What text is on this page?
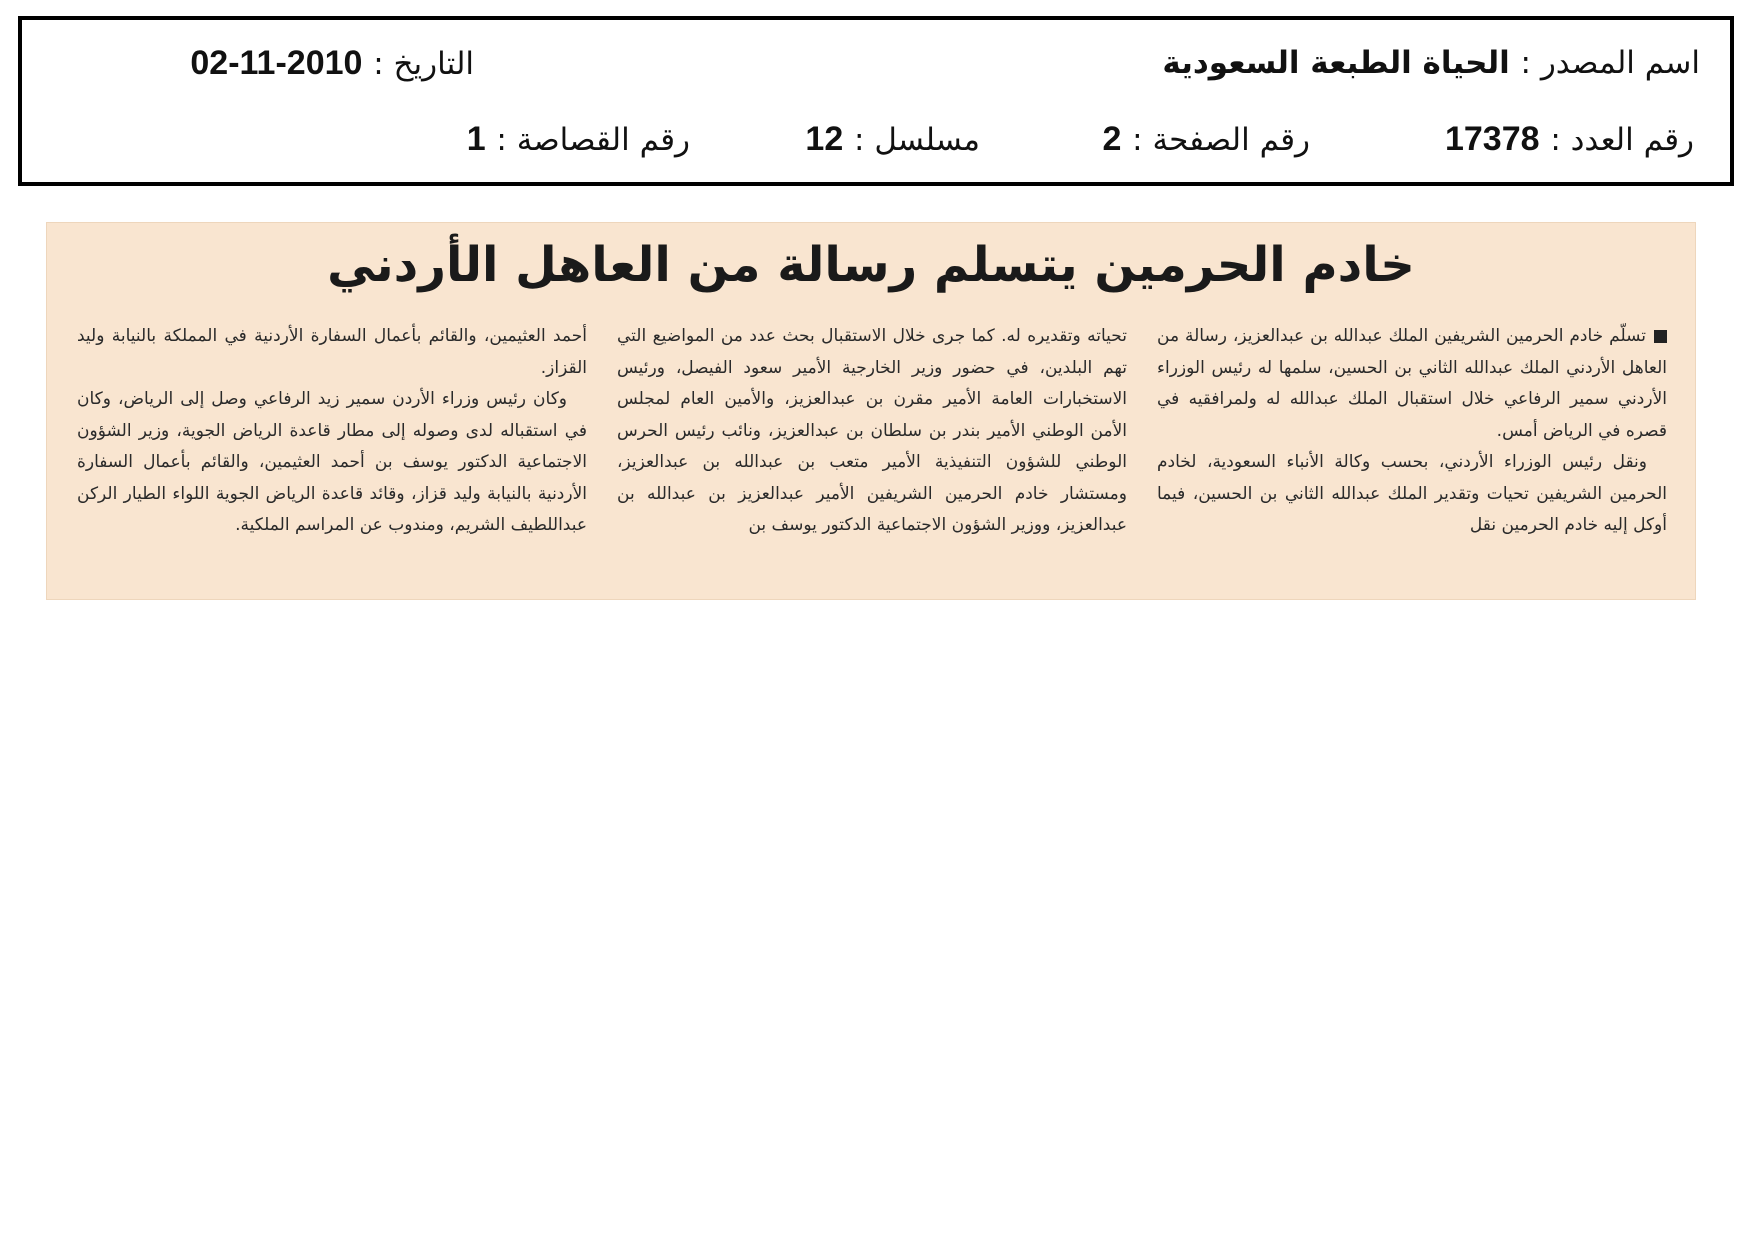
اسم المصدر : الحياة الطبعة السعودية
التاريخ : 2010-11-02
رقم العدد : 17378
رقم الصفحة : 2
مسلسل : 12
رقم القصاصة : 1
خادم الحرمين يتسلم رسالة من العاهل الأردني

تسلّم خادم الحرمين الشريفين الملك عبدالله بن عبدالعزيز، رسالة من العاهل الأردني الملك عبدالله الثاني بن الحسين، سلمها له رئيس الوزراء الأردني سمير الرفاعي خلال استقبال الملك عبدالله له ولمرافقيه في قصره في الرياض أمس.

ونقل رئيس الوزراء الأردني، بحسب وكالة الأنباء السعودية، لخادم الحرمين الشريفين تحيات وتقدير الملك عبدالله الثاني بن الحسين، فيما أوكل إليه خادم الحرمين نقل

تحياته وتقديره له. كما جرى خلال الاستقبال بحث عدد من المواضيع التي تهم البلدين، في حضور وزير الخارجية الأمير سعود الفيصل، ورئيس الاستخبارات العامة الأمير مقرن بن عبدالعزيز، والأمين العام لمجلس الأمن الوطني الأمير بندر بن سلطان بن عبدالعزيز، ونائب رئيس الحرس الوطني للشؤون التنفيذية الأمير متعب بن عبدالله بن عبدالعزيز، ومستشار خادم الحرمين الشريفين الأمير عبدالعزيز بن عبدالله بن عبدالعزيز، ووزير الشؤون الاجتماعية الدكتور يوسف بن

أحمد العثيمين، والقائم بأعمال السفارة الأردنية في المملكة بالنيابة وليد القزاز.

وكان رئيس وزراء الأردن سمير زيد الرفاعي وصل إلى الرياض، وكان في استقباله لدى وصوله إلى مطار قاعدة الرياض الجوية، وزير الشؤون الاجتماعية الدكتور يوسف بن أحمد العثيمين، والقائم بأعمال السفارة الأردنية بالنيابة وليد قزاز، وقائد قاعدة الرياض الجوية اللواء الطيار الركن عبداللطيف الشريم، ومندوب عن المراسم الملكية.
